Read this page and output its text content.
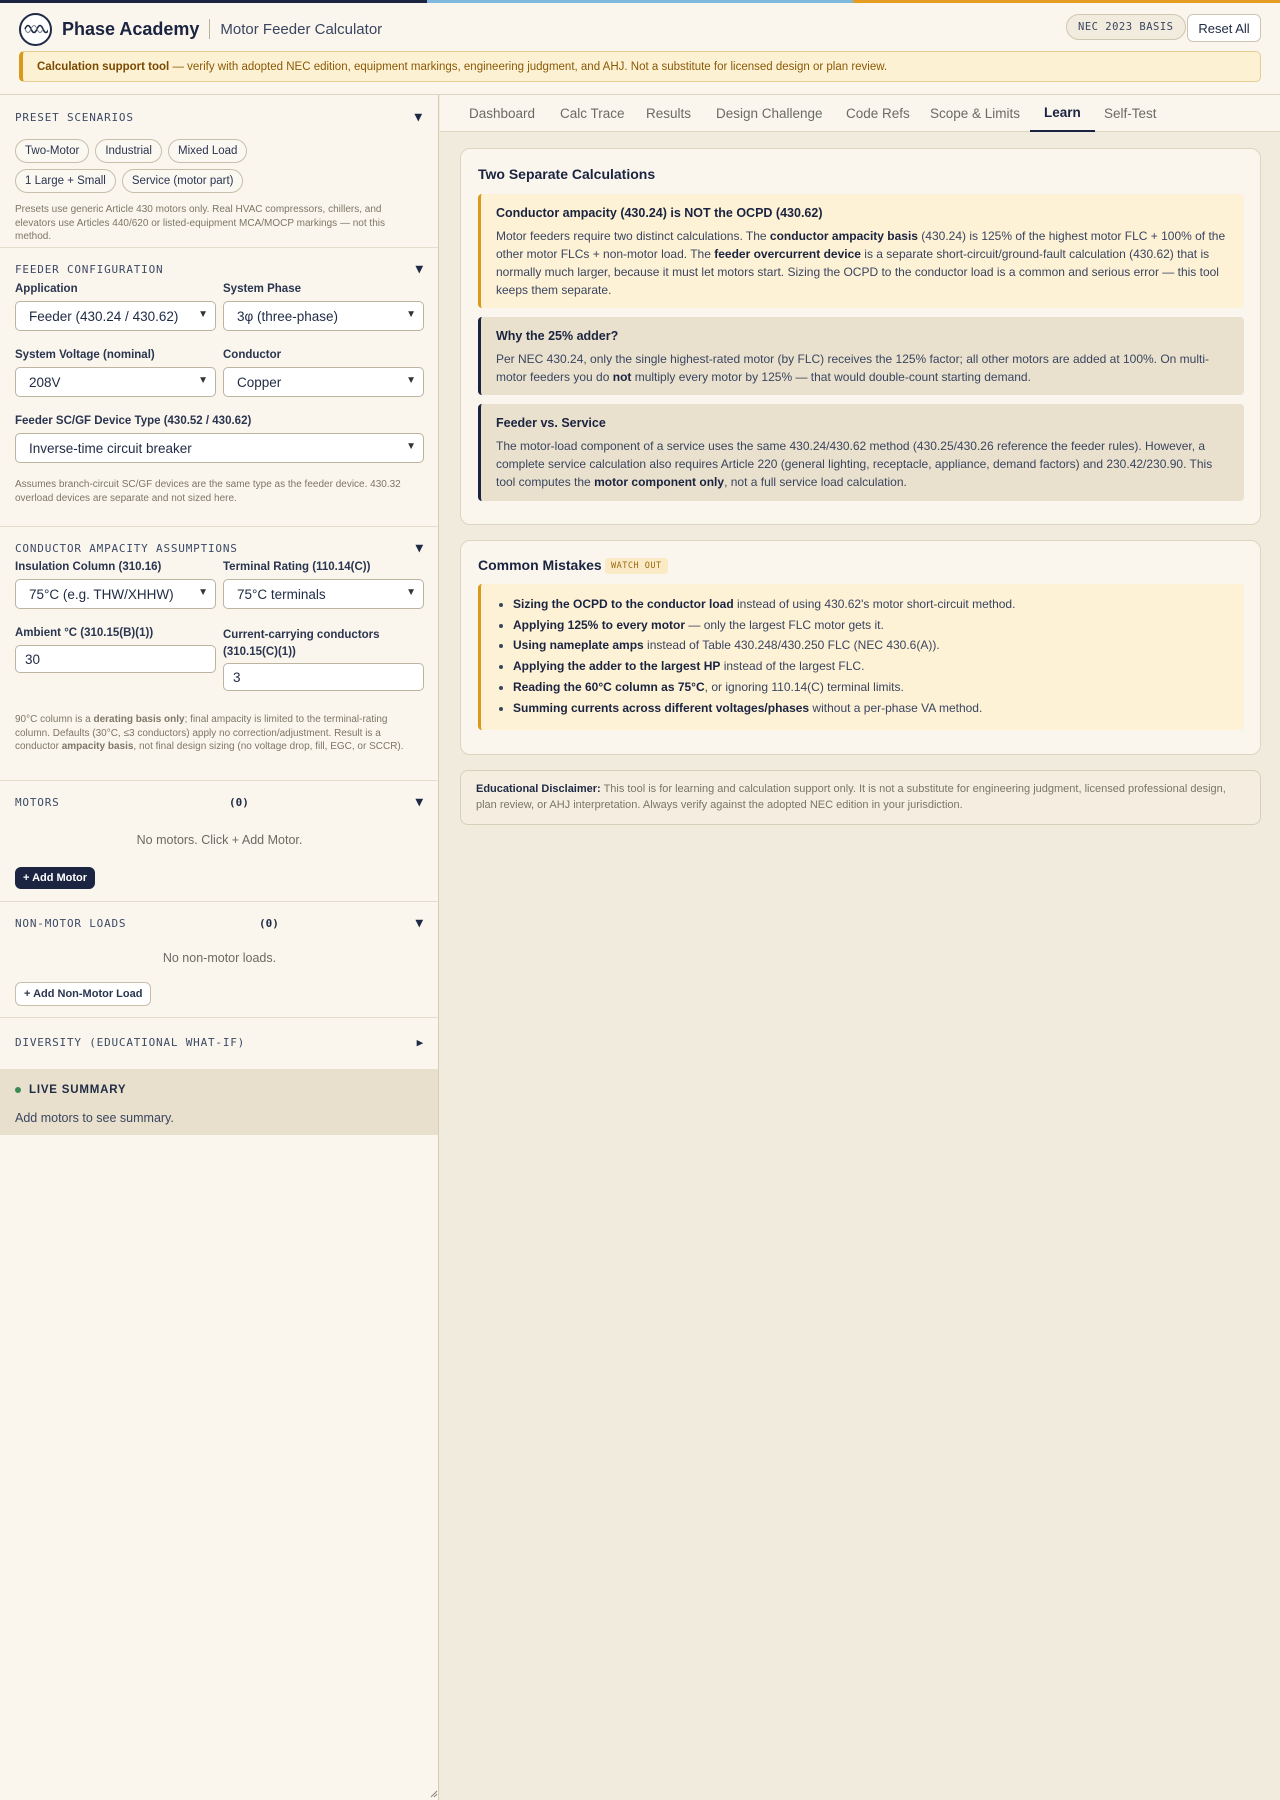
Phase Academy Motor Feeder Calculator	NEC 2023 BASIS	Reset All
Calculation support tool — verify with adopted NEC edition, equipment markings, engineering judgment, and AHJ. Not a substitute for licensed design or plan review.
PRESET SCENARIOS	▼
Two-Motor	Industrial	Mixed Load
1 Large + Small	Service (motor part)

Presets use generic Article 430 motors only. Real HVAC compressors, chillers, and elevators use Articles 440/620 or listed-equipment MCA/MOCP markings — not this method.

FEEDER CONFIGURATION	▼
Application
Feeder (430.24 / 430.62) ▼
System Phase
3φ (three-phase)	▼
System Voltage (nominal)
208V	▼
Conductor
Copper	▼
Feeder SC/GF Device Type (430.52 / 430.62)
Inverse-time circuit breaker	▼

Assumes branch-circuit SC/GF devices are the same type as the feeder device. 430.32 overload devices are separate and not sized here.

CONDUCTOR AMPACITY ASSUMPTIONS	▼
Insulation Column (310.16)
75°C (e.g. THW/XHHW) ▼
Terminal Rating (110.14(C))
75°C terminals	▼
Ambient °C (310.15(B)(1))
30
Current-carrying conductors (310.15(C)(1))
3

90°C column is a derating basis only; final ampacity is limited to the terminal-rating column. Defaults (30°C, ≤3 conductors) apply no correction/adjustment. Result is a conductor ampacity basis, not final design sizing (no voltage drop, fill, EGC, or SCCR).

MOTORS	▼
(0)
No motors. Click + Add Motor.
+ Add Motor
NON-MOTOR LOADS	▼
(0)
No non-motor loads.
+ Add Non-Motor Load
DIVERSITY (EDUCATIONAL WHAT-IF)	▶
LIVE SUMMARY
Add motors to see summary.
Dashboard Calc Trace Results Design Challenge Code Refs Scope & Limits	Learn	Self-Test
Two Separate Calculations
Conductor ampacity (430.24) is NOT the OCPD (430.62)

Motor feeders require two distinct calculations. The conductor ampacity basis (430.24) is 125% of the highest motor FLC + 100% of the other motor FLCs + non-motor load. The feeder overcurrent device is a separate short-circuit/ground-fault calculation (430.62) that is normally much larger, because it must let motors start. Sizing the OCPD to the conductor load is a common and serious error — this tool keeps them separate.

Why the 25% adder?

Per NEC 430.24, only the single highest-rated motor (by FLC) receives the 125% factor; all other motors are added at 100%. On multi-motor feeders you do not multiply every motor by 125% — that would double-count starting demand.

Feeder vs. Service

The motor-load component of a service uses the same 430.24/430.62 method (430.25/430.26 reference the feeder rules). However, a complete service calculation also requires Article 220 (general lighting, receptacle, appliance, demand factors) and 230.42/230.90. This tool computes the motor component only, not a full service load calculation.

Common Mistakes	WATCH OUT
• Sizing the OCPD to the conductor load instead of using 430.62's motor short-circuit method.
• Applying 125% to every motor — only the largest FLC motor gets it.
• Using nameplate amps instead of Table 430.248/430.250 FLC (NEC 430.6(A)).
• Applying the adder to the largest HP instead of the largest FLC.
• Reading the 60°C column as 75°C, or ignoring 110.14(C) terminal limits.
• Summing currents across different voltages/phases without a per-phase VA method.
Educational Disclaimer: This tool is for learning and calculation support only. It is not a substitute for engineering judgment, licensed professional design, plan review, or AHJ interpretation. Always verify against the adopted NEC edition in your jurisdiction.
